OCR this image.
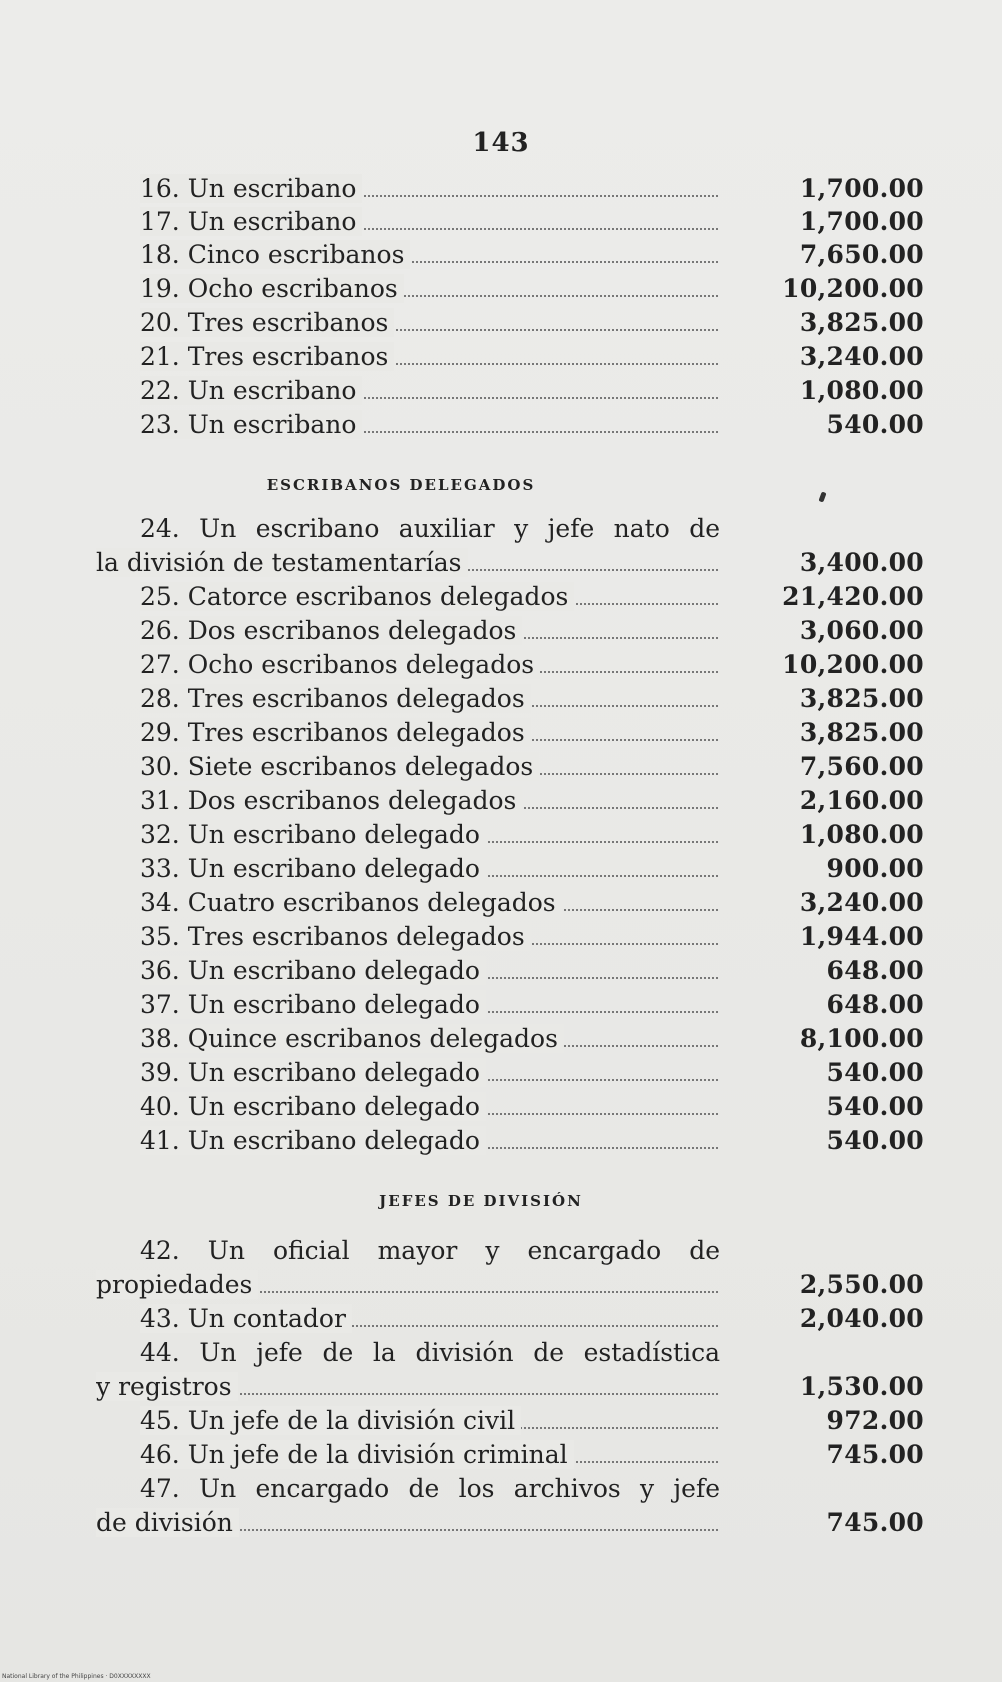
143
16. Un escribano	1,700.00
17. Un escribano	1,700.00
18. Cinco escribanos	7,650.00
19. Ocho escribanos	10,200.00
20. Tres escribanos	3,825.00
21. Tres escribanos	3,240.00
22. Un escribano	1,080.00
23. Un escribano	540.00
ESCRIBANOS DELEGADOS
24. Un escribano auxiliar y jefe nato de
la división de testamentarías	3,400.00
25. Catorce escribanos delegados	21,420.00
26. Dos escribanos delegados	3,060.00
27. Ocho escribanos delegados	10,200.00
28. Tres escribanos delegados	3,825.00
29. Tres escribanos delegados	3,825.00
30. Siete escribanos delegados	7,560.00
31. Dos escribanos delegados	2,160.00
32. Un escribano delegado	1,080.00
33. Un escribano delegado	900.00
34. Cuatro escribanos delegados	3,240.00
35. Tres escribanos delegados	1,944.00
36. Un escribano delegado	648.00
37. Un escribano delegado	648.00
38. Quince escribanos delegados	8,100.00
39. Un escribano delegado	540.00
40. Un escribano delegado	540.00
41. Un escribano delegado	540.00
JEFES DE DIVISIÓN
42. Un oficial mayor y encargado de
propiedades	2,550.00
43. Un contador	2,040.00
44. Un jefe de la división de estadística
y registros	1,530.00
45. Un jefe de la división civil	972.00
46. Un jefe de la división criminal	745.00
47. Un encargado de los archivos y jefe
de división	745.00
National Library of the Philippines · D0XXXXXXXX
